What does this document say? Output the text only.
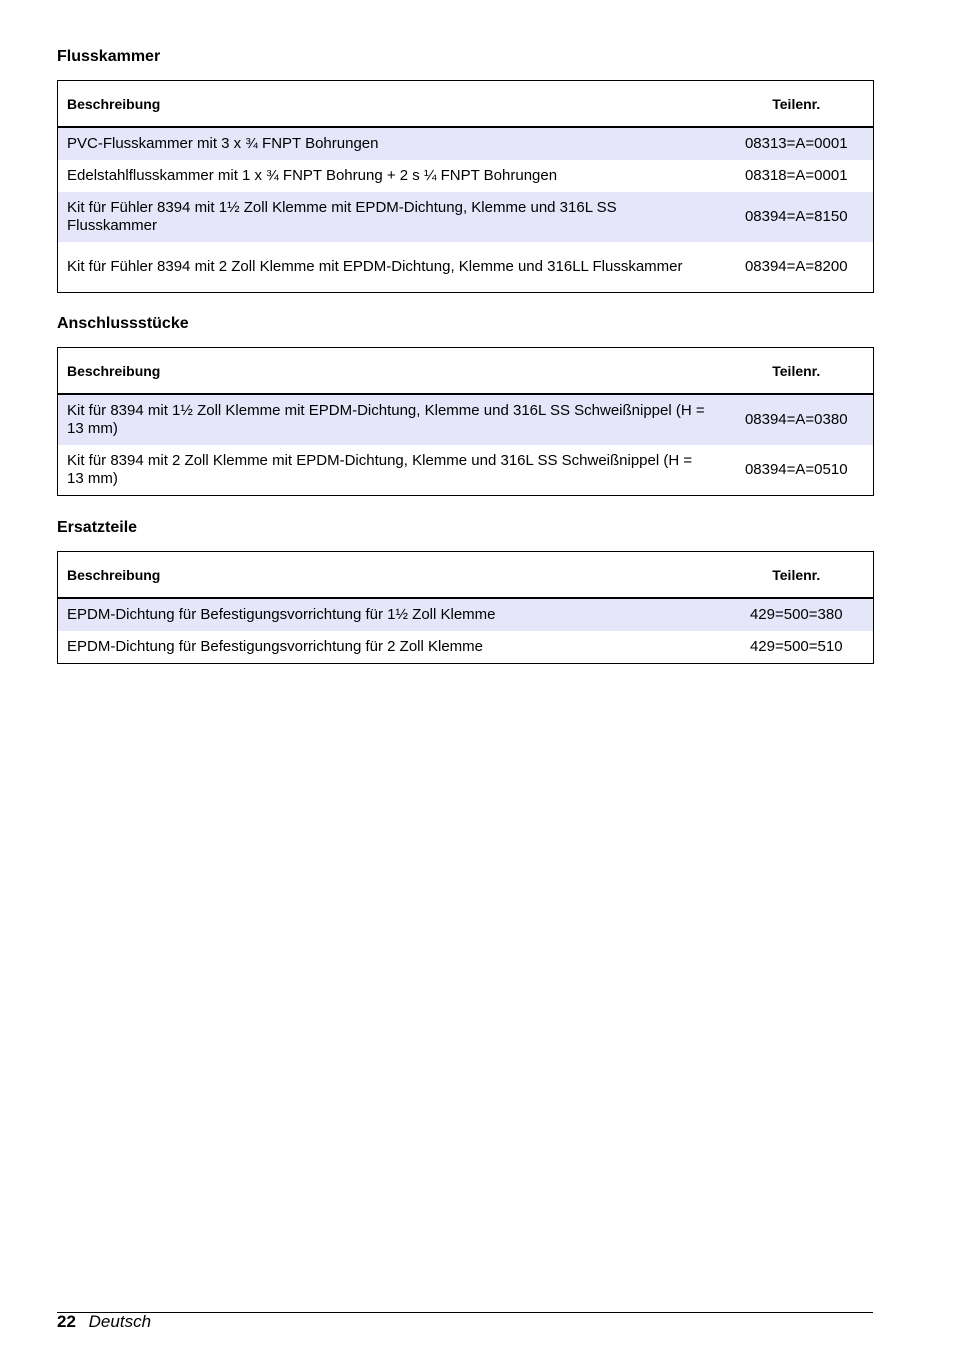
Flusskammer
Beschreibung	Teilenr.
PVC-Flusskammer mit 3 x ¾ FNPT Bohrungen	08313=A=0001
Edelstahlflusskammer mit 1 x ¾ FNPT Bohrung + 2 s ¼ FNPT Bohrungen	08318=A=0001
Kit für Fühler 8394 mit 1½ Zoll Klemme mit EPDM-Dichtung, Klemme und 316L SS Flusskammer	08394=A=8150
Kit für Fühler 8394 mit 2 Zoll Klemme mit EPDM-Dichtung, Klemme und 316LL Flusskammer	08394=A=8200
Anschlussstücke
Beschreibung	Teilenr.
Kit für 8394 mit 1½ Zoll Klemme mit EPDM-Dichtung, Klemme und 316L SS Schweißnippel (H = 13 mm)	08394=A=0380
Kit für 8394 mit 2 Zoll Klemme mit EPDM-Dichtung, Klemme und 316L SS Schweißnippel (H = 13 mm)	08394=A=0510
Ersatzteile
Beschreibung	Teilenr.
EPDM-Dichtung für Befestigungsvorrichtung für 1½ Zoll Klemme	429=500=380
EPDM-Dichtung für Befestigungsvorrichtung für 2 Zoll Klemme	429=500=510
22 Deutsch
